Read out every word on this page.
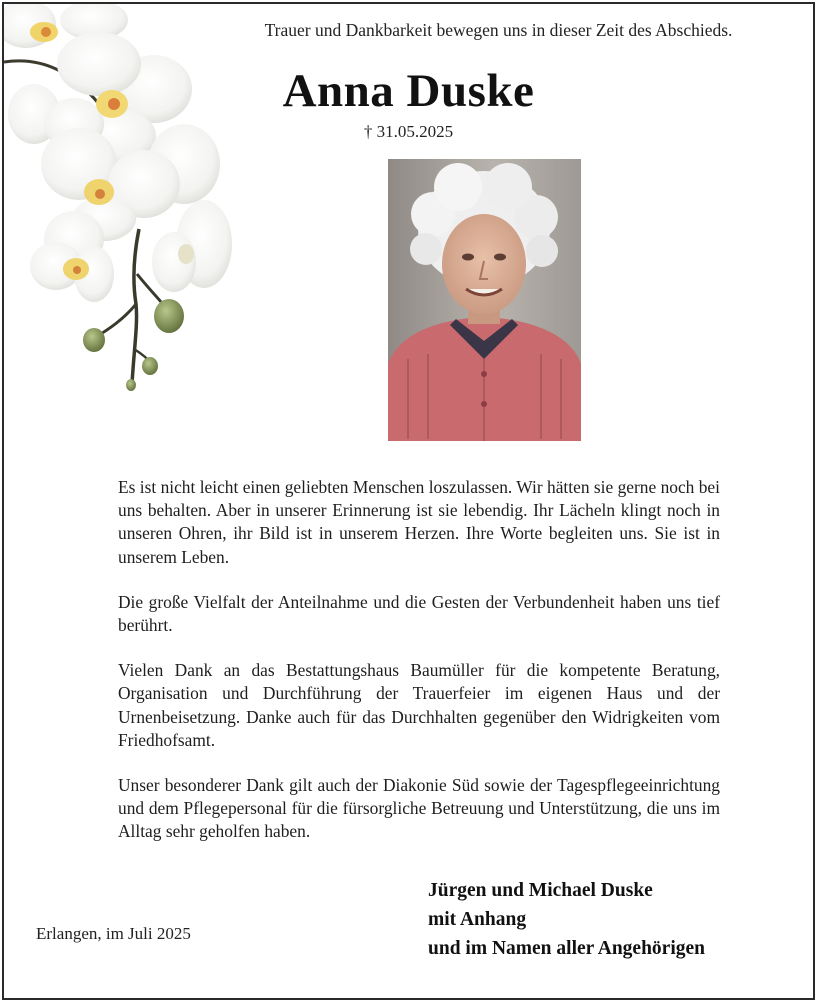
Trauer und Dankbarkeit bewegen uns in dieser Zeit des Abschieds.
Anna Duske
† 31.05.2025

Es ist nicht leicht einen geliebten Menschen loszulassen. Wir hätten sie gerne noch bei uns behalten. Aber in unserer Erinnerung ist sie lebendig. Ihr Lächeln klingt noch in unseren Ohren, ihr Bild ist in unserem Herzen. Ihre Worte begleiten uns. Sie ist in unserem Leben.

Die große Vielfalt der Anteilnahme und die Gesten der Verbundenheit haben uns tief berührt.

Vielen Dank an das Bestattungshaus Baumüller für die kompetente Beratung, Organisation und Durchführung der Trauerfeier im eigenen Haus und der Urnenbeisetzung. Danke auch für das Durchhalten gegenüber den Widrigkeiten vom Friedhofsamt.

Unser besonderer Dank gilt auch der Diakonie Süd sowie der Tagespflegeeinrichtung und dem Pflegepersonal für die fürsorgliche Betreuung und Unterstützung, die uns im Alltag sehr geholfen haben.

Erlangen, im Juli 2025
Jürgen und Michael Duske
mit Anhang
und im Namen aller Angehörigen
